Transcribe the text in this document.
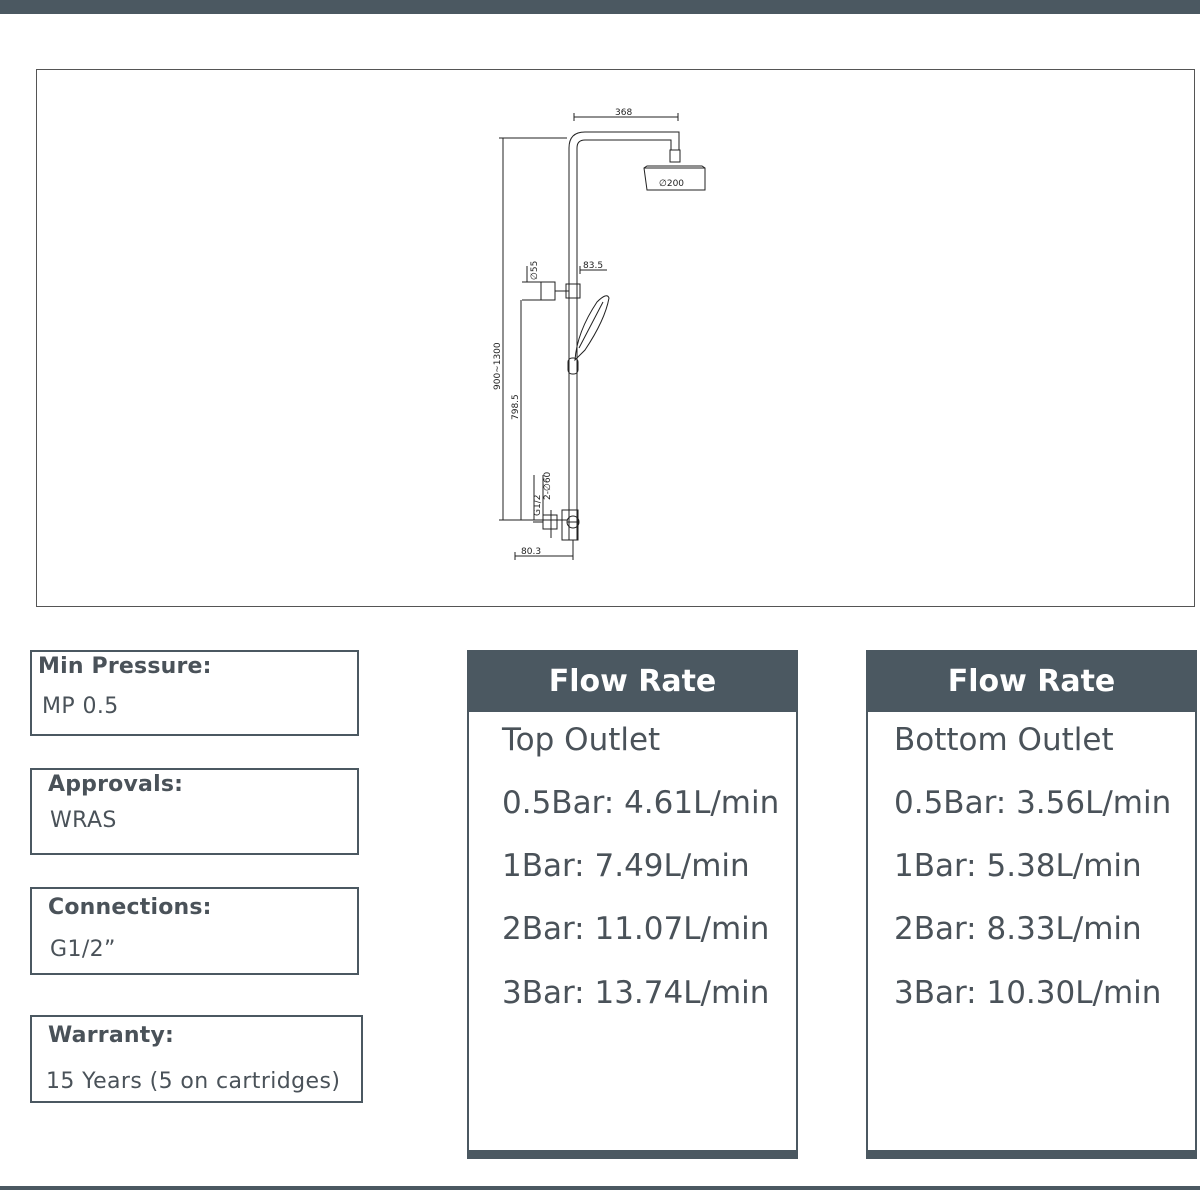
368
∅200
83.5
∅55
900~1300
798.5
G1/2
2-∅60
80.3
Min Pressure:
MP 0.5
Approvals:
WRAS
Connections:
G1/2”
Warranty:
15 Years (5 on cartridges)
Flow Rate
Top Outlet
0.5Bar: 4.61L/min
1Bar: 7.49L/min
2Bar: 11.07L/min
3Bar: 13.74L/min
Flow Rate
Bottom Outlet
0.5Bar: 3.56L/min
1Bar: 5.38L/min
2Bar: 8.33L/min
3Bar: 10.30L/min
